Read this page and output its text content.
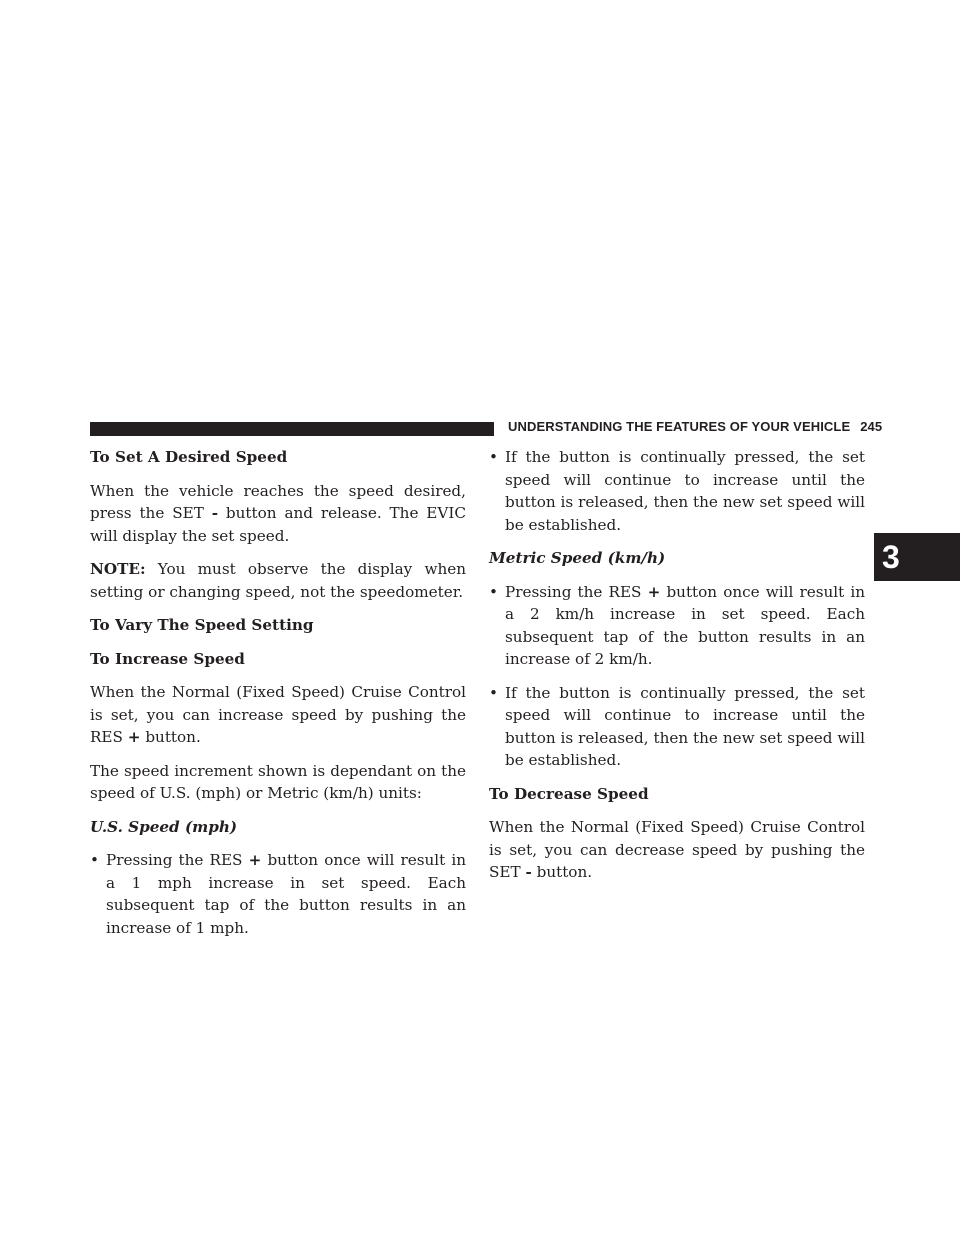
UNDERSTANDING THE FEATURES OF YOUR VEHICLE 245
3
To Set A Desired Speed

When the vehicle reaches the speed desired, press the SET - button and release. The EVIC will display the set speed.

NOTE: You must observe the display when setting or changing speed, not the speedometer.

To Vary The Speed Setting
To Increase Speed

When the Normal (Fixed Speed) Cruise Control is set, you can increase speed by pushing the RES + button.

The speed increment shown is dependant on the speed of U.S. (mph) or Metric (km/h) units:

U.S. Speed (mph)
• Pressing the RES + button once will result in a 1 mph increase in set speed. Each subsequent tap of the button results in an increase of 1 mph.
• If the button is continually pressed, the set speed will continue to increase until the button is released, then the new set speed will be established.
Metric Speed (km/h)
• Pressing the RES + button once will result in a 2 km/h increase in set speed. Each subsequent tap of the button results in an increase of 2 km/h.
• If the button is continually pressed, the set speed will continue to increase until the button is released, then the new set speed will be established.
To Decrease Speed

When the Normal (Fixed Speed) Cruise Control is set, you can decrease speed by pushing the SET - button.
